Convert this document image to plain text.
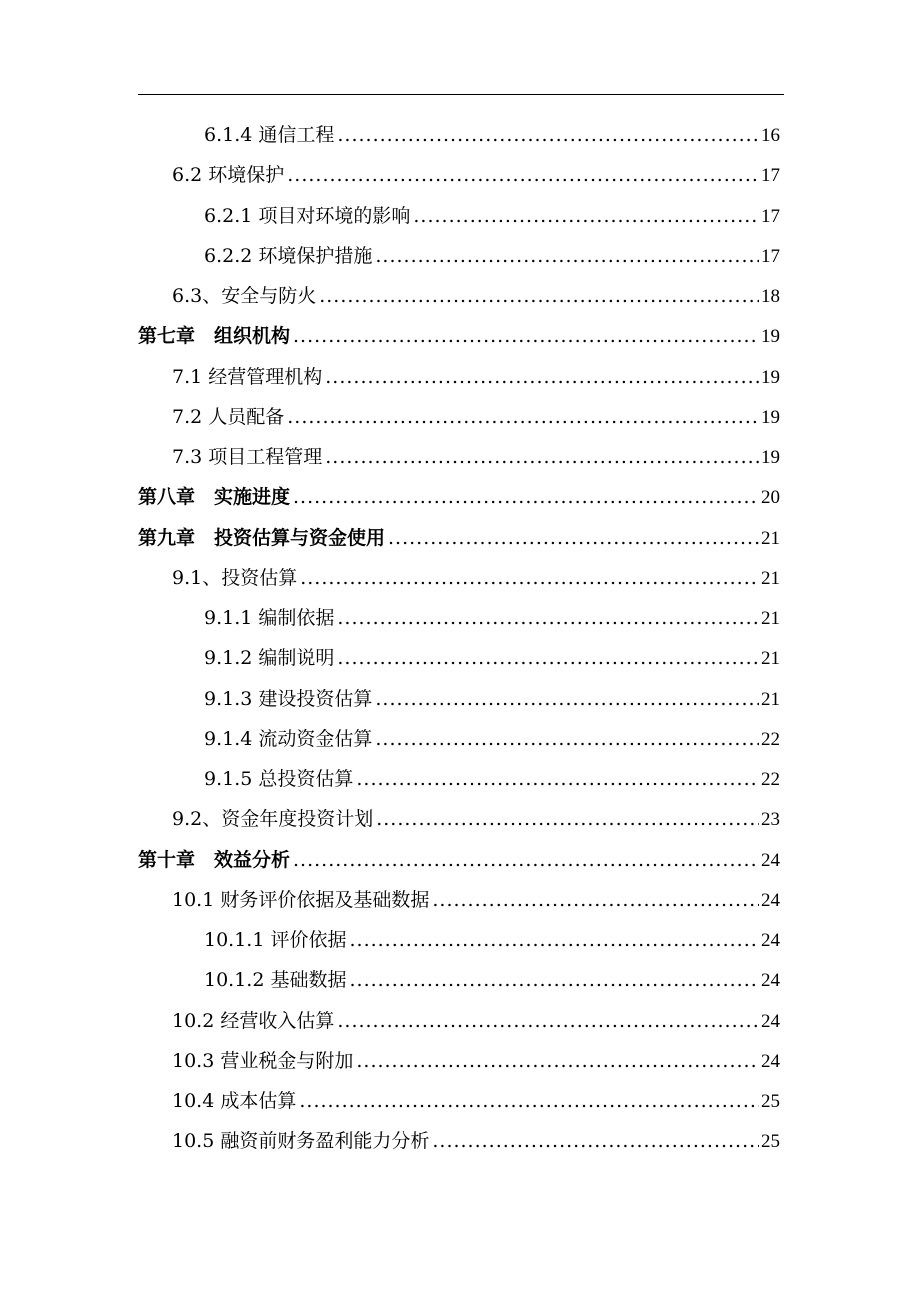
6.1.4 通信工程 .....	16
6.2 环境保护 .....	17
6.2.1 项目对环境的影响 .....	17
6.2.2 环境保护措施 .....	17
6.3、安全与防火 .....	18
第七章　组织机构 .....	19
7.1 经营管理机构 .....	19
7.2 人员配备 .....	19
7.3 项目工程管理 .....	19
第八章　实施进度 .....	20
第九章　投资估算与资金使用 .....	21
9.1、投资估算 .....	21
9.1.1 编制依据 .....	21
9.1.2 编制说明 .....	21
9.1.3 建设投资估算 .....	21
9.1.4 流动资金估算 .....	22
9.1.5 总投资估算 .....	22
9.2、资金年度投资计划 .....	23
第十章　效益分析 .....	24
10.1 财务评价依据及基础数据 .....	24
10.1.1 评价依据 .....	24
10.1.2 基础数据 .....	24
10.2 经营收入估算 .....	24
10.3 营业税金与附加 .....	24
10.4 成本估算 .....	25
10.5 融资前财务盈利能力分析 .....	25
